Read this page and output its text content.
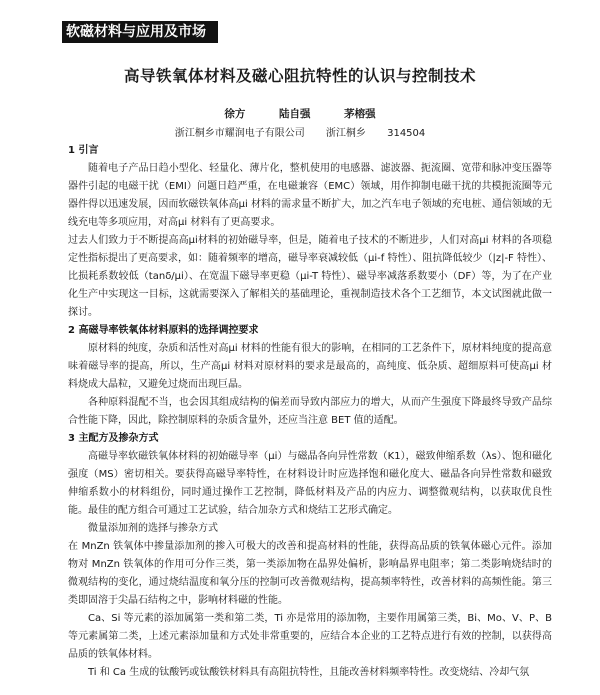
软磁材料与应用及市场
高导铁氧体材料及磁心阻抗特性的认识与控制技术
徐方	陆自强	茅榕强
浙江桐乡市耀润电子有限公司 浙江桐乡 314504

1 引言

随着电子产品日趋小型化、轻量化、薄片化，整机使用的电感器、滤波器、扼流圈、宽带和脉冲变压器等器件引起的电磁干扰（EMI）问题日趋严重，在电磁兼容（EMC）领域，用作抑制电磁干扰的共模扼流圈等元器件得以迅速发展，因而软磁铁氧体高μi 材料的需求量不断扩大，加之汽车电子领域的充电桩、通信领域的无线充电等多项应用，对高μi 材料有了更高要求。

过去人们致力于不断提高高μi材料的初始磁导率，但是，随着电子技术的不断进步，人们对高μi 材料的各项稳定性指标提出了更高要求，如：随着频率的增高，磁导率衰减较低（μi-f 特性）、阻抗降低较少（|z|-F 特性）、比损耗系数较低（tanδ/μi）、在宽温下磁导率更稳（μi-T 特性）、磁导率减落系数要小（DF）等，为了在产业化生产中实现这一目标，这就需要深入了解相关的基础理论，重视制造技术各个工艺细节，本文试图就此做一探讨。

2 高磁导率铁氧体材料原料的选择调控要求

原材料的纯度，杂质和活性对高μi 材料的性能有很大的影响，在相同的工艺条件下，原材料纯度的提高意味着磁导率的提高，所以，生产高μi 材料对原材料的要求是最高的，高纯度、低杂质、超细原料可使高μi 材料烧成大晶粒，又避免过烧而出现巨晶。

各种原料混配不当，也会因其组成结构的偏差而导致内部应力的增大，从而产生强度下降最终导致产品综合性能下降，因此，除控制原料的杂质含量外，还应当注意 BET 值的适配。

3 主配方及掺杂方式

高磁导率软磁铁氧体材料的初始磁导率（μi）与磁晶各向异性常数（K1），磁致伸缩系数（λs）、饱和磁化强度（MS）密切相关。要获得高磁导率特性，在材料设计时应选择饱和磁化度大、磁晶各向异性常数和磁致伸缩系数小的材料组份，同时通过操作工艺控制，降低材料及产品的内应力、调整微观结构，以获取优良性能。最佳的配方组合可通过工艺试验，结合加杂方式和烧结工艺形式确定。

微量添加剂的选择与掺杂方式

在 MnZn 铁氧体中掺量添加剂的掺入可极大的改善和提高材料的性能，获得高品质的铁氧体磁心元件。添加物对 MnZn 铁氧体的作用可分作三类，第一类添加物在晶界处偏析，影响晶界电阻率；第二类影响烧结时的微观结构的变化，通过烧结温度和氧分压的控制可改善微观结构，提高频率特性，改善材料的高频性能。第三类即固溶于尖晶石结构之中，影响材料磁的性能。

Ca、Si 等元素的添加属第一类和第二类，Ti 亦是常用的添加物，主要作用属第三类，Bi、Mo、V、P、B 等元素属第二类，上述元素添加量和方式处非常重要的，应结合本企业的工艺特点进行有效的控制，以获得高品质的铁氧体材料。

Ti 和 Ca 生成的钛酸钙或钛酸铁材料具有高阻抗特性，且能改善材料频率特性。改变烧结、冷却气氛
